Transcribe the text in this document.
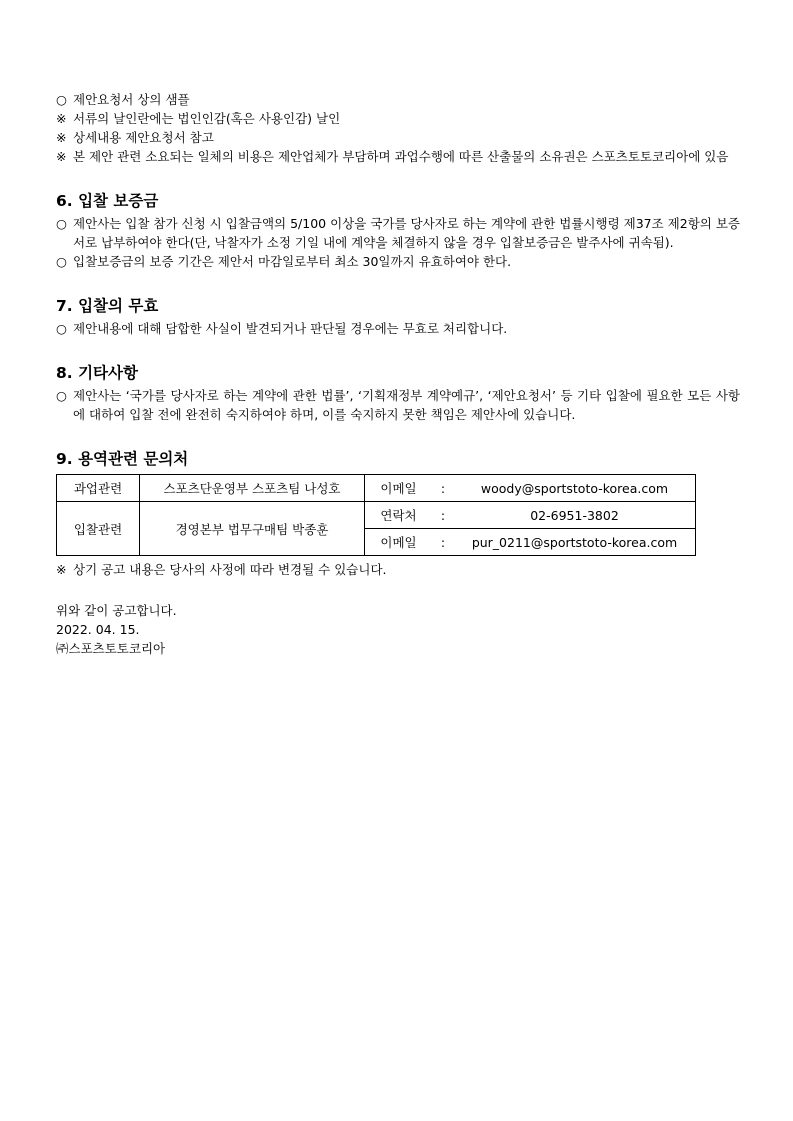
○ 제안요청서 상의 샘플
※ 서류의 날인란에는 법인인감(혹은 사용인감) 날인
※ 상세내용 제안요청서 참고
※ 본 제안 관련 소요되는 일체의 비용은 제안업체가 부담하며 과업수행에 따른 산출물의 소유권은 스포츠토토코리아에 있음
6. 입찰 보증금
○ 제안사는 입찰 참가 신청 시 입찰금액의 5/100 이상을 국가를 당사자로 하는 계약에 관한 법률시행령 제37조 제2항의 보증서로 납부하여야 한다(단, 낙찰자가 소정 기일 내에 계약을 체결하지 않을 경우 입찰보증금은 발주사에 귀속됨).
○ 입찰보증금의 보증 기간은 제안서 마감일로부터 최소 30일까지 유효하여야 한다.
7. 입찰의 무효
○ 제안내용에 대해 담합한 사실이 발견되거나 판단될 경우에는 무효로 처리합니다.
8. 기타사항
○ 제안사는 ‘국가를 당사자로 하는 계약에 관한 법률’, ‘기획재정부 계약예규’, ‘제안요청서’ 등 기타 입찰에 필요한 모든 사항에 대하여 입찰 전에 완전히 숙지하여야 하며, 이를 숙지하지 못한 책임은 제안사에 있습니다.
9. 용역관련 문의처
과업관련	스포츠단운영부 스포츠팀 나성호	이메일	:	woody@sportstoto-korea.com
입찰관련	경영본부 법무구매팀 박종훈	연락처	:	02-6951-3802
		이메일	:	pur_0211@sportstoto-korea.com
※ 상기 공고 내용은 당사의 사정에 따라 변경될 수 있습니다.
위와 같이 공고합니다.
2022. 04. 15.
㈜스포츠토토코리아
